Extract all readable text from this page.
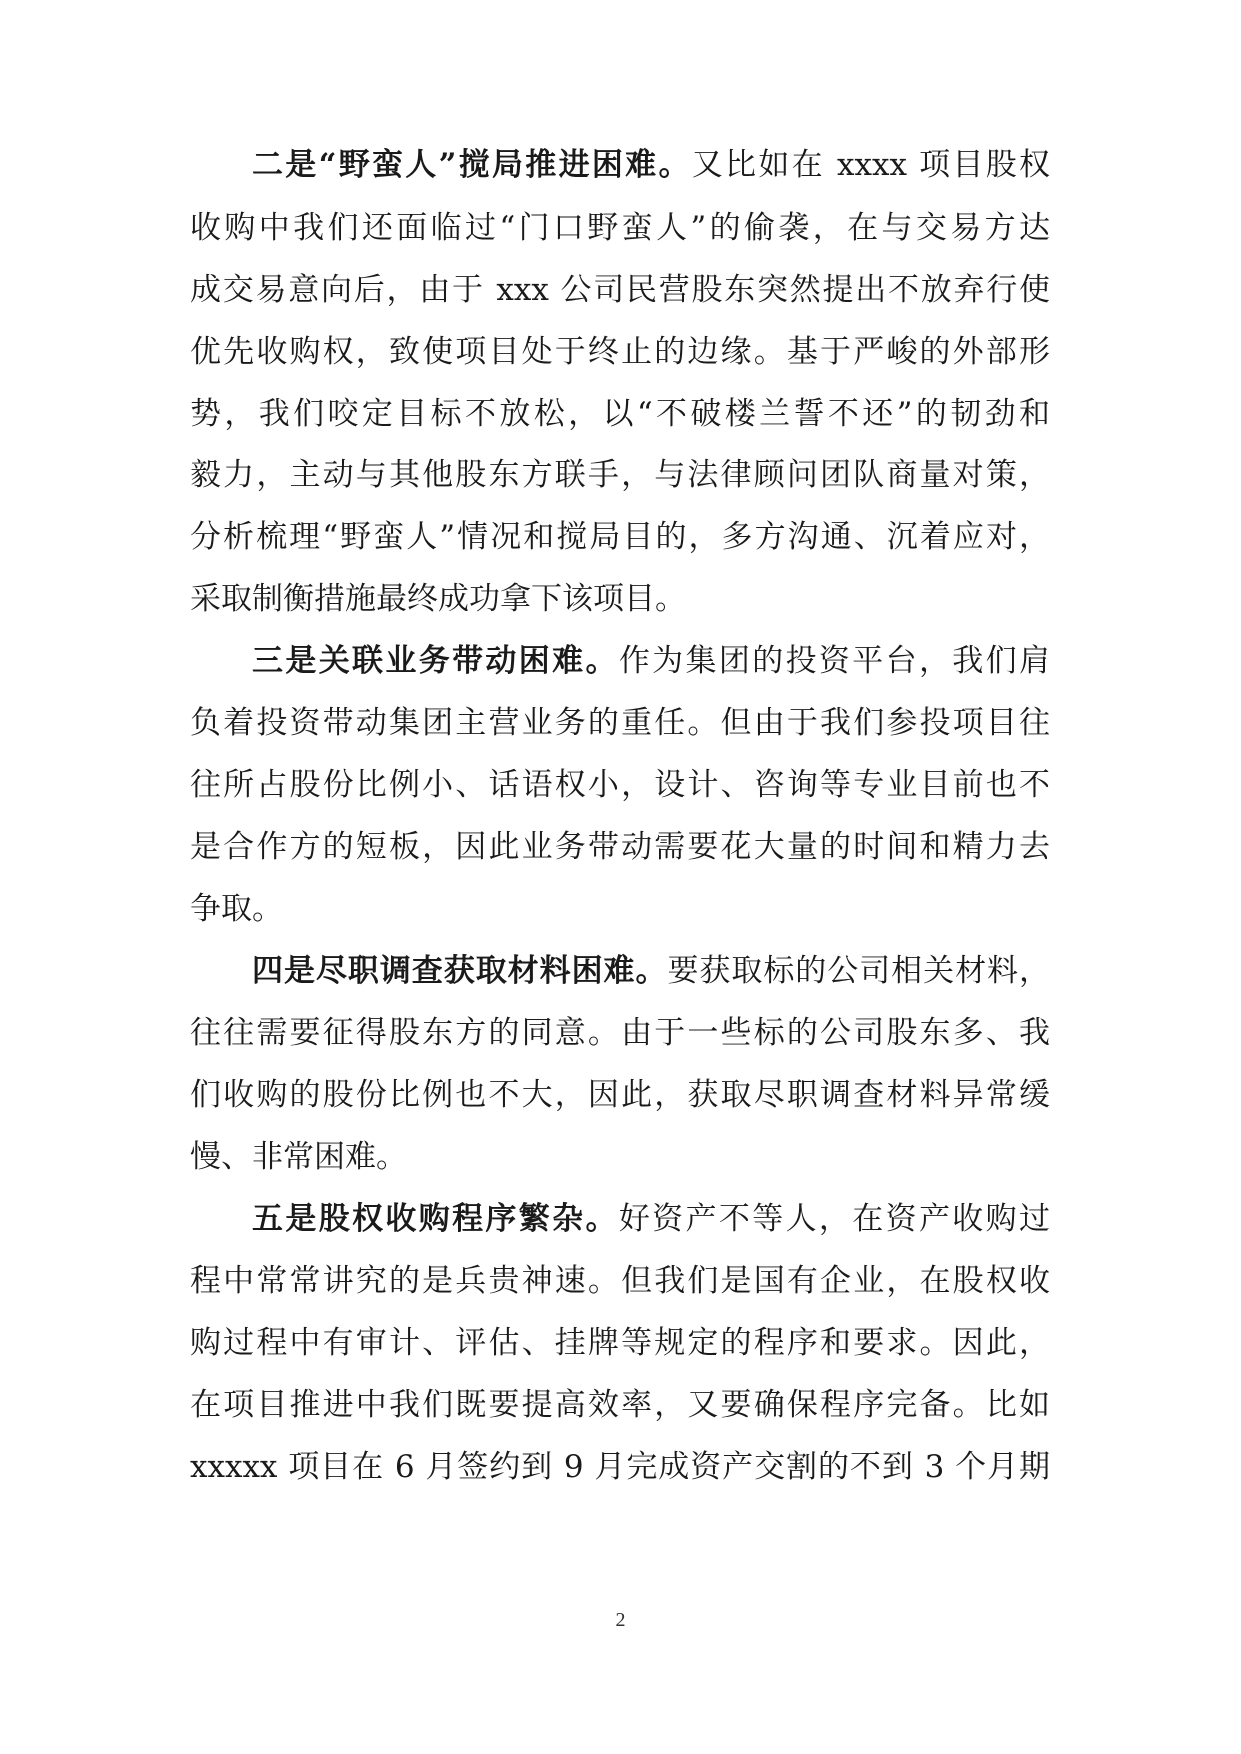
二是“野蛮人”搅局推进困难。又比如在 xxxx 项目股权
收购中我们还面临过“门口野蛮人”的偷袭，在与交易方达
成交易意向后，由于 xxx 公司民营股东突然提出不放弃行使
优先收购权，致使项目处于终止的边缘。基于严峻的外部形
势，我们咬定目标不放松，以“不破楼兰誓不还”的韧劲和
毅力，主动与其他股东方联手，与法律顾问团队商量对策，
分析梳理“野蛮人”情况和搅局目的，多方沟通、沉着应对，
采取制衡措施最终成功拿下该项目。
三是关联业务带动困难。作为集团的投资平台，我们肩
负着投资带动集团主营业务的重任。但由于我们参投项目往
往所占股份比例小、话语权小，设计、咨询等专业目前也不
是合作方的短板，因此业务带动需要花大量的时间和精力去
争取。
四是尽职调查获取材料困难。要获取标的公司相关材料，
往往需要征得股东方的同意。由于一些标的公司股东多、我
们收购的股份比例也不大，因此，获取尽职调查材料异常缓
慢、非常困难。
五是股权收购程序繁杂。好资产不等人，在资产收购过
程中常常讲究的是兵贵神速。但我们是国有企业，在股权收
购过程中有审计、评估、挂牌等规定的程序和要求。因此，
在项目推进中我们既要提高效率，又要确保程序完备。比如
xxxxx 项目在 6 月签约到 9 月完成资产交割的不到 3 个月期
2
